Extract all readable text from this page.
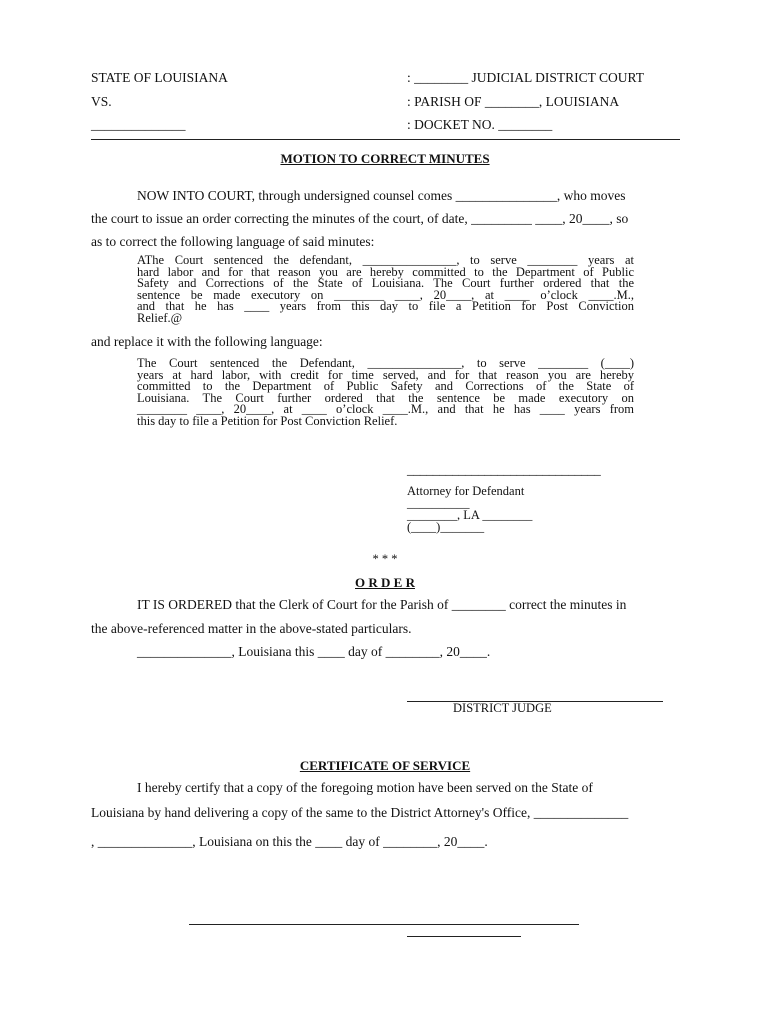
STATE OF LOUISIANA
VS.
______________
: ________ JUDICIAL DISTRICT COURT
: PARISH OF ________, LOUISIANA
: DOCKET NO. ________
MOTION TO CORRECT MINUTES
NOW INTO COURT, through undersigned counsel comes _______________, who moves
the court to issue an order correcting the minutes of the court, of date, _________ ____, 20____, so
as to correct the following language of said minutes:
AThe Court sentenced the defendant, _______________, to serve ________ years at
hard labor and for that reason you are hereby committed to the Department of Public
Safety and Corrections of the State of Louisiana. The Court further ordered that the
sentence be made executory on ________ ____, 20____, at ____ o’clock ____.M.,
and that he has ____ years from this day to file a Petition for Post Conviction
Relief.@
and replace it with the following language:
The Court sentenced the Defendant, _______________, to serve ________ (____)
years at hard labor, with credit for time served, and for that reason you are hereby
committed to the Department of Public Safety and Corrections of the State of
Louisiana. The Court further ordered that the sentence be made executory on
________ ____, 20____, at ____ o’clock ____.M., and that he has ____ years from
this day to file a Petition for Post Conviction Relief.
______________________________
Attorney for Defendant
__________
________, LA ________
(____)_______
* * *
O R D E R
IT IS ORDERED that the Clerk of Court for the Parish of ________ correct the minutes in
the above-referenced matter in the above-stated particulars.
______________, Louisiana this ____ day of ________, 20____.
DISTRICT JUDGE
CERTIFICATE OF SERVICE
I hereby certify that a copy of the foregoing motion have been served on the State of
Louisiana by hand delivering a copy of the same to the District Attorney's Office, ______________
, ______________, Louisiana on this the ____ day of ________, 20____.
